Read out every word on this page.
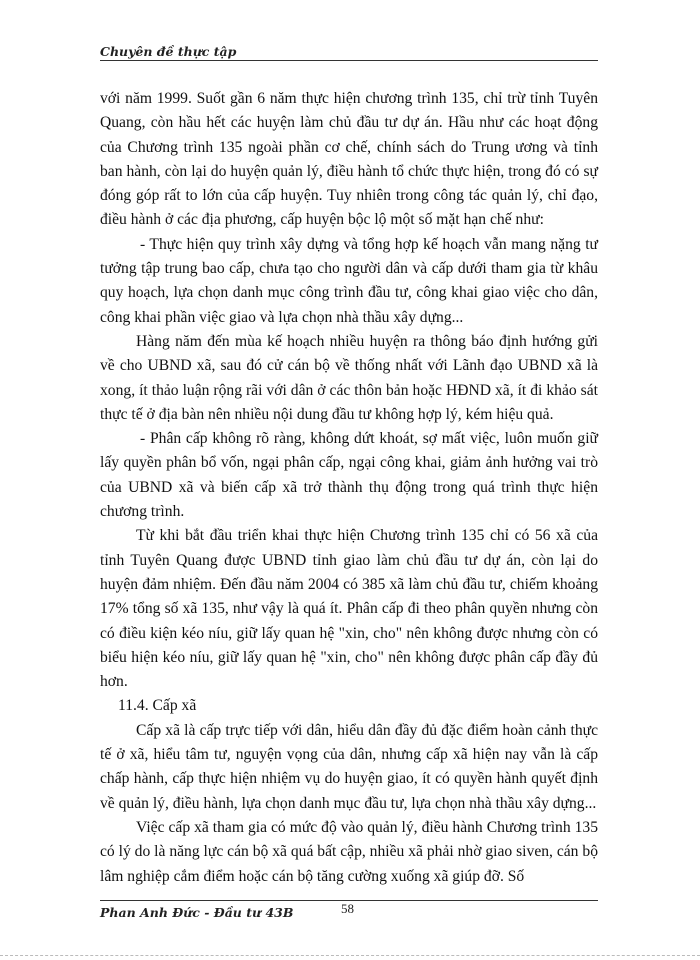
Chuyên đề thực tập

với năm 1999. Suốt gần 6 năm thực hiện chương trình 135, chỉ trừ tỉnh Tuyên Quang, còn hầu hết các huyện làm chủ đầu tư dự án. Hầu như các hoạt động của Chương trình 135 ngoài phần cơ chế, chính sách do Trung ương và tỉnh ban hành, còn lại do huyện quản lý, điều hành tổ chức thực hiện, trong đó có sự đóng góp rất to lớn của cấp huyện. Tuy nhiên trong công tác quản lý, chỉ đạo, điều hành ở các địa phương, cấp huyện bộc lộ một số mặt hạn chế như:

- Thực hiện quy trình xây dựng và tổng hợp kế hoạch vẫn mang nặng tư tưởng tập trung bao cấp, chưa tạo cho người dân và cấp dưới tham gia từ khâu quy hoạch, lựa chọn danh mục công trình đầu tư, công khai giao việc cho dân, công khai phần việc giao và lựa chọn nhà thầu xây dựng...

Hàng năm đến mùa kế hoạch nhiều huyện ra thông báo định hướng gửi về cho UBND xã, sau đó cử cán bộ về thống nhất với Lãnh đạo UBND xã là xong, ít thảo luận rộng rãi với dân ở các thôn bản hoặc HĐND xã, ít đi khảo sát thực tế ở địa bàn nên nhiều nội dung đầu tư không hợp lý, kém hiệu quả.

- Phân cấp không rõ ràng, không dứt khoát, sợ mất việc, luôn muốn giữ lấy quyền phân bổ vốn, ngại phân cấp, ngại công khai, giảm ảnh hưởng vai trò của UBND xã và biến cấp xã trở thành thụ động trong quá trình thực hiện chương trình.

Từ khi bắt đầu triển khai thực hiện Chương trình 135 chỉ có 56 xã của tỉnh Tuyên Quang được UBND tỉnh giao làm chủ đầu tư dự án, còn lại do huyện đảm nhiệm. Đến đầu năm 2004 có 385 xã làm chủ đầu tư, chiếm khoảng 17% tổng số xã 135, như vậy là quá ít. Phân cấp đi theo phân quyền nhưng còn có điều kiện kéo níu, giữ lấy quan hệ "xin, cho" nên không được nhưng còn có biểu hiện kéo níu, giữ lấy quan hệ "xin, cho" nên không được phân cấp đầy đủ hơn.

11.4. Cấp xã

Cấp xã là cấp trực tiếp với dân, hiểu dân đầy đủ đặc điểm hoàn cảnh thực tế ở xã, hiểu tâm tư, nguyện vọng của dân, nhưng cấp xã hiện nay vẫn là cấp chấp hành, cấp thực hiện nhiệm vụ do huyện giao, ít có quyền hành quyết định về quản lý, điều hành, lựa chọn danh mục đầu tư, lựa chọn nhà thầu xây dựng...

Việc cấp xã tham gia có mức độ vào quản lý, điều hành Chương trình 135 có lý do là năng lực cán bộ xã quá bất cập, nhiều xã phải nhờ giao siven, cán bộ lâm nghiệp cắm điểm hoặc cán bộ tăng cường xuống xã giúp đỡ. Số

Phan Anh Đức - Đầu tư 43B	58
